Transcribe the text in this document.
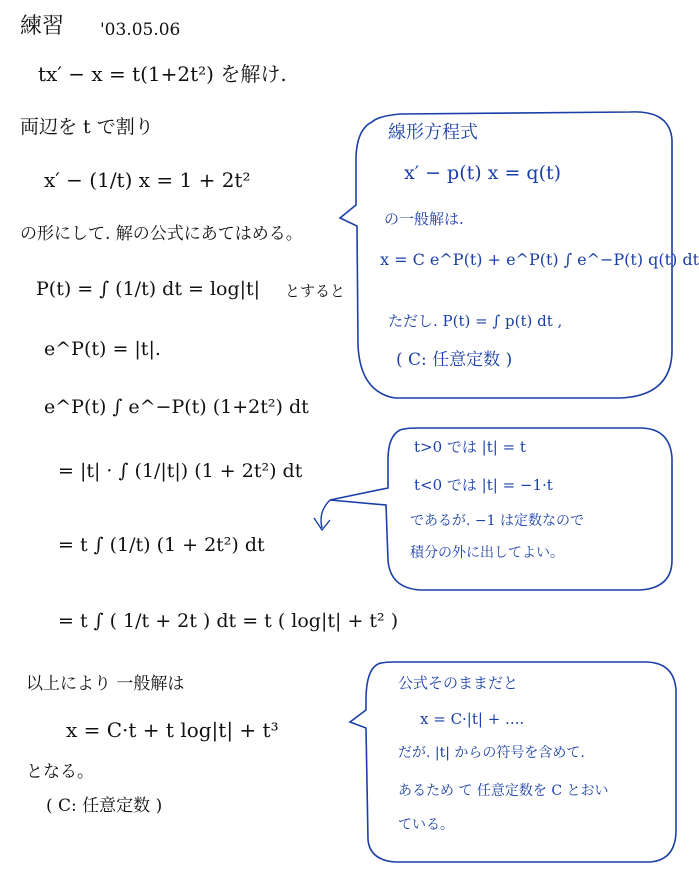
練習 '03.05.06
tx′ − x = t(1+2t²) を解け.
両辺を t で割り
x′ − (1/t) x = 1 + 2t²
の形にして. 解の公式にあてはめる。
P(t) = ∫ (1/t) dt = log|t| とすると
e^P(t) = |t|.
e^P(t) ∫ e^−P(t) (1+2t²) dt
= |t| · ∫ (1/|t|) (1 + 2t²) dt
= t ∫ (1/t) (1 + 2t²) dt
= t ∫ ( 1/t + 2t ) dt = t ( log|t| + t² )
以上により 一般解は
x = C·t + t log|t| + t³
となる。
( C: 任意定数 )
線形方程式
x′ − p(t) x = q(t)
の一般解は.
x = C e^P(t) + e^P(t) ∫ e^−P(t) q(t) dt
ただし. P(t) = ∫ p(t) dt ,
( C: 任意定数 )
t>0 では |t| = t
t<0 では |t| = −1·t
であるが. −1 は定数なので
積分の外に出してよい。
公式そのままだと
x = C·|t| + ....
だが. |t| からの符号を含めて.
あるため て 任意定数を C とおい
ている。
